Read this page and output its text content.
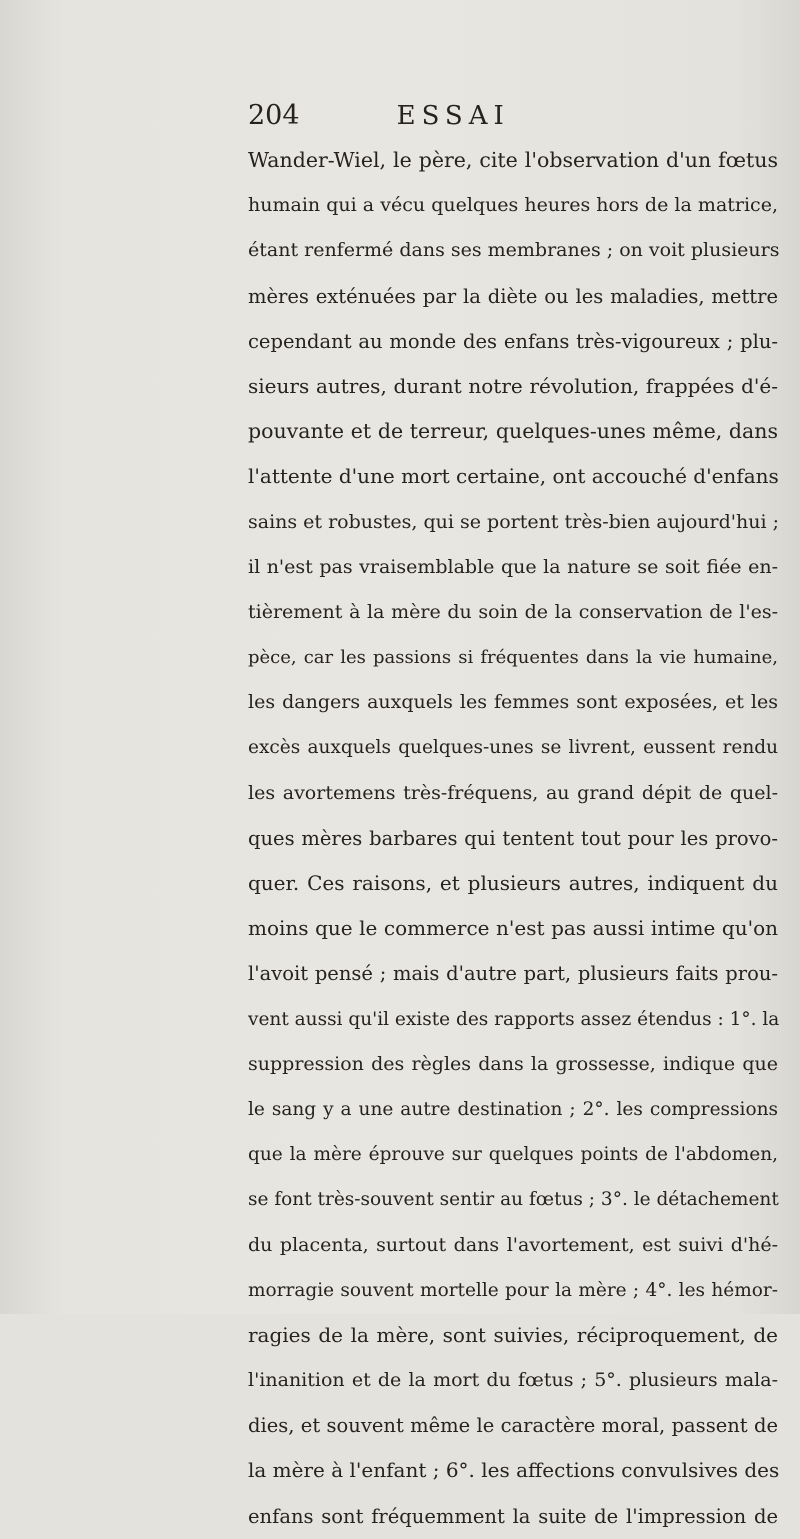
204	ESSAI
Wander-Wiel, le père, cite l'observation d'un fœtus
humain qui a vécu quelques heures hors de la matrice,
étant renfermé dans ses membranes ; on voit plusieurs
mères exténuées par la diète ou les maladies, mettre
cependant au monde des enfans très-vigoureux ; plu-
sieurs autres, durant notre révolution, frappées d'é-
pouvante et de terreur, quelques-unes même, dans
l'attente d'une mort certaine, ont accouché d'enfans
sains et robustes, qui se portent très-bien aujourd'hui ;
il n'est pas vraisemblable que la nature se soit fiée en-
tièrement à la mère du soin de la conservation de l'es-
pèce, car les passions si fréquentes dans la vie humaine,
les dangers auxquels les femmes sont exposées, et les
excès auxquels quelques-unes se livrent, eussent rendu
les avortemens très-fréquens, au grand dépit de quel-
ques mères barbares qui tentent tout pour les provo-
quer. Ces raisons, et plusieurs autres, indiquent du
moins que le commerce n'est pas aussi intime qu'on
l'avoit pensé ; mais d'autre part, plusieurs faits prou-
vent aussi qu'il existe des rapports assez étendus : 1°. la
suppression des règles dans la grossesse, indique que
le sang y a une autre destination ; 2°. les compressions
que la mère éprouve sur quelques points de l'abdomen,
se font très-souvent sentir au fœtus ; 3°. le détachement
du placenta, surtout dans l'avortement, est suivi d'hé-
morragie souvent mortelle pour la mère ; 4°. les hémor-
ragies de la mère, sont suivies, réciproquement, de
l'inanition et de la mort du fœtus ; 5°. plusieurs mala-
dies, et souvent même le caractère moral, passent de
la mère à l'enfant ; 6°. les affections convulsives des
enfans sont fréquemment la suite de l'impression de
